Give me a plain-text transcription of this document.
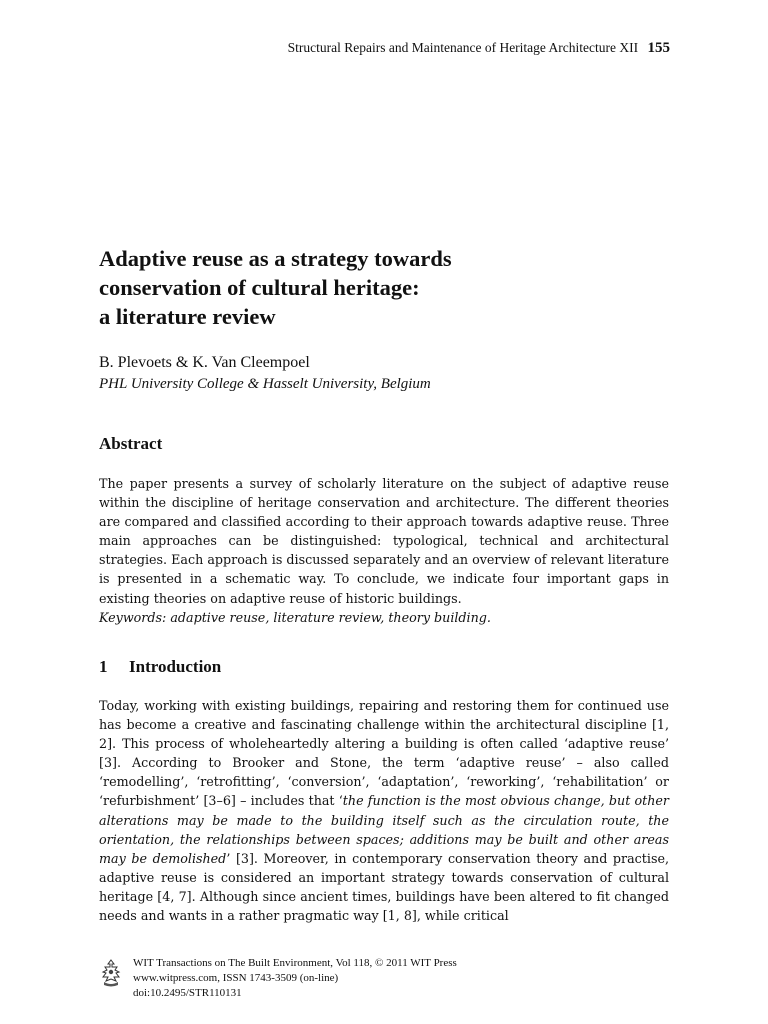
Structural Repairs and Maintenance of Heritage Architecture XII 155
Adaptive reuse as a strategy towards
conservation of cultural heritage:
a literature review

B. Plevoets & K. Van Cleempoel

PHL University College & Hasselt University, Belgium

Abstract

The paper presents a survey of scholarly literature on the subject of adaptive reuse within the discipline of heritage conservation and architecture. The different theories are compared and classified according to their approach towards adaptive reuse. Three main approaches can be distinguished: typological, technical and architectural strategies. Each approach is discussed separately and an overview of relevant literature is presented in a schematic way. To conclude, we indicate four important gaps in existing theories on adaptive reuse of historic buildings.
Keywords: adaptive reuse, literature review, theory building.

1 Introduction

Today, working with existing buildings, repairing and restoring them for continued use has become a creative and fascinating challenge within the architectural discipline [1, 2]. This process of wholeheartedly altering a building is often called ‘adaptive reuse’ [3]. According to Brooker and Stone, the term ‘adaptive reuse’ – also called ‘remodelling’, ‘retrofitting’, ‘conversion’, ‘adaptation’, ‘reworking’, ‘rehabilitation’ or ‘refurbishment’ [3–6] – includes that ‘the function is the most obvious change, but other alterations may be made to the building itself such as the circulation route, the orientation, the relationships between spaces; additions may be built and other areas may be demolished’ [3]. Moreover, in contemporary conservation theory and practise, adaptive reuse is considered an important strategy towards conservation of cultural heritage [4, 7]. Although since ancient times, buildings have been altered to fit changed needs and wants in a rather pragmatic way [1, 8], while critical

WIT Transactions on The Built Environment, Vol 118, © 2011 WIT Press
www.witpress.com, ISSN 1743-3509 (on-line)
doi:10.2495/STR110131
